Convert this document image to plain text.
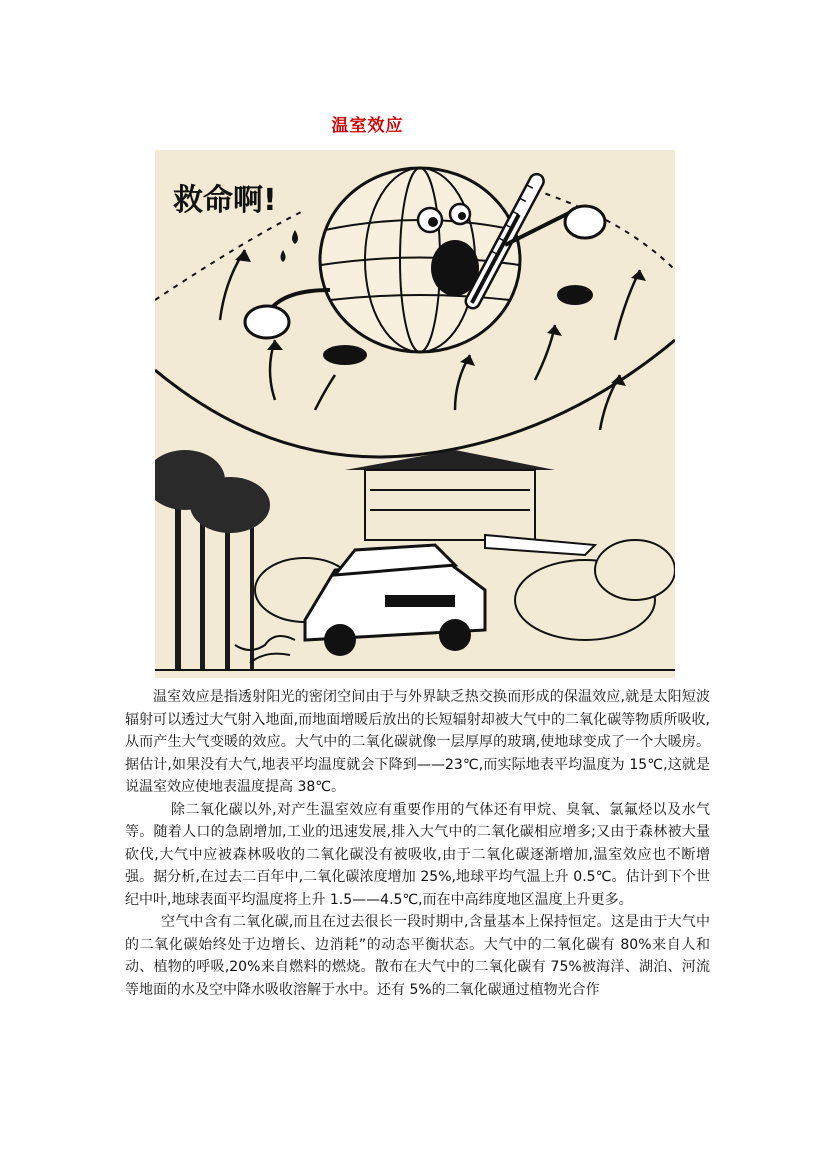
温室效应
救命啊!

温室效应是指透射阳光的密闭空间由于与外界缺乏热交换而形成的保温效应,就是太阳短波辐射可以透过大气射入地面,而地面增暖后放出的长短辐射却被大气中的二氧化碳等物质所吸收,从而产生大气变暖的效应。大气中的二氧化碳就像一层厚厚的玻璃,使地球变成了一个大暖房。据估计,如果没有大气,地表平均温度就会下降到——23℃,而实际地表平均温度为 15℃,这就是说温室效应使地表温度提高 38℃。

除二氧化碳以外,对产生温室效应有重要作用的气体还有甲烷、臭氧、氯氟烃以及水气等。随着人口的急剧增加,工业的迅速发展,排入大气中的二氧化碳相应增多;又由于森林被大量砍伐,大气中应被森林吸收的二氧化碳没有被吸收,由于二氧化碳逐渐增加,温室效应也不断增强。据分析,在过去二百年中,二氧化碳浓度增加 25%,地球平均气温上升 0.5℃。估计到下个世纪中叶,地球表面平均温度将上升 1.5——4.5℃,而在中高纬度地区温度上升更多。

空气中含有二氧化碳,而且在过去很长一段时期中,含量基本上保持恒定。这是由于大气中的二氧化碳始终处于边增长、边消耗”的动态平衡状态。大气中的二氧化碳有 80%来自人和动、植物的呼吸,20%来自燃料的燃烧。散布在大气中的二氧化碳有 75%被海洋、湖泊、河流等地面的水及空中降水吸收溶解于水中。还有 5%的二氧化碳通过植物光合作
